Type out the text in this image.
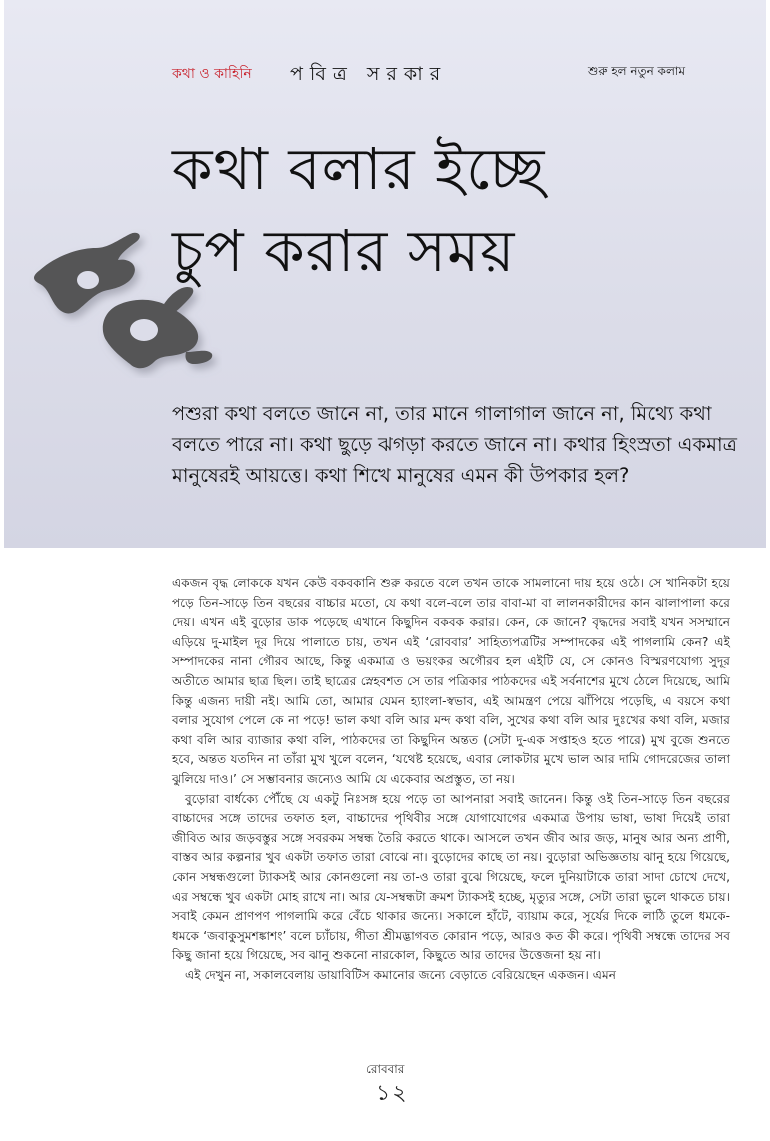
কথা ও কাহিনি পবিত্র সরকার	শুরু হল নতুন কলাম
কথা বলার ইচ্ছে
চুপ করার সময়

পশুরা কথা বলতে জানে না, তার মানে গালাগাল জানে না, মিথ্যে কথা বলতে পারে না। কথা ছুড়ে ঝগড়া করতে জানে না। কথার হিংস্রতা একমাত্র মানুষেরই আয়ত্তে। কথা শিখে মানুষের এমন কী উপকার হল?

একজন বৃদ্ধ লোককে যখন কেউ বকবকানি শুরু করতে বলে তখন তাকে সামলানো দায় হয়ে ওঠে। সে খানিকটা হয়ে পড়ে তিন-সাড়ে তিন বছরের বাচ্চার মতো, যে কথা বলে-বলে তার বাবা-মা বা লালনকারীদের কান ঝালাপালা করে দেয়। এখন এই বুড়োর ডাক পড়েছে এখানে কিছুদিন বকবক করার। কেন, কে জানে? বৃদ্ধদের সবাই যখন সসম্মানে এড়িয়ে দু-মাইল দূর দিয়ে পালাতে চায়, তখন এই ‘রোববার’ সাহিত্যপত্রটির সম্পাদকের এই পাগলামি কেন? এই সম্পাদকের নানা গৌরব আছে, কিন্তু একমাত্র ও ভয়ংকর অগৌরব হল এইটি যে, সে কোনও বিস্মরণযোগ্য সুদূর অতীতে আমার ছাত্র ছিল। তাই ছাত্রের স্নেহবশত সে তার পত্রিকার পাঠকদের এই সর্বনাশের মুখে ঠেলে দিয়েছে, আমি কিন্তু এজন্য দায়ী নই। আমি তো, আমার যেমন হ্যাংলা-স্বভাব, এই আমন্ত্রণ পেয়ে ঝাঁপিয়ে পড়েছি, এ বয়সে কথা বলার সুযোগ পেলে কে না পড়ে! ভাল কথা বলি আর মন্দ কথা বলি, সুখের কথা বলি আর দুঃখের কথা বলি, মজার কথা বলি আর ব্যাজার কথা বলি, পাঠকদের তা কিছুদিন অন্তত (সেটা দু-এক সপ্তাহও হতে পারে) মুখ বুজে শুনতে হবে, অন্তত যতদিন না তাঁরা মুখ খুলে বলেন, ‘যথেষ্ট হয়েছে, এবার লোকটার মুখে ভাল আর দামি গোদরেজের তালা ঝুলিয়ে দাও।’ সে সম্ভাবনার জন্যেও আমি যে একেবার অপ্রস্তুত, তা নয়।

বুড়োরা বার্ধক্যে পৌঁছে যে একটু নিঃসঙ্গ হয়ে পড়ে তা আপনারা সবাই জানেন। কিন্তু ওই তিন-সাড়ে তিন বছরের বাচ্চাদের সঙ্গে তাদের তফাত হল, বাচ্চাদের পৃথিবীর সঙ্গে যোগাযোগের একমাত্র উপায় ভাষা, ভাষা দিয়েই তারা জীবিত আর জড়বস্তুর সঙ্গে সবরকম সম্বন্ধ তৈরি করতে থাকে। আসলে তখন জীব আর জড়, মানুষ আর অন্য প্রাণী, বাস্তব আর কল্পনার খুব একটা তফাত তারা বোঝে না। বুড়োদের কাছে তা নয়। বুড়োরা অভিজ্ঞতায় ঝানু হয়ে গিয়েছে, কোন সম্বন্ধগুলো ট্যাকসই আর কোনগুলো নয় তা-ও তারা বুঝে গিয়েছে, ফলে দুনিয়াটাকে তারা সাদা চোখে দেখে, এর সম্বন্ধে খুব একটা মোহ রাখে না। আর যে-সম্বন্ধটা ক্রমশ ট্যাকসই হচ্ছে, মৃত্যুর সঙ্গে, সেটা তারা ভুলে থাকতে চায়। সবাই কেমন প্রাণপণ পাগলামি করে বেঁচে থাকার জন্যে। সকালে হাঁটে, ব্যায়াম করে, সূর্যের দিকে লাঠি তুলে ধমকে-ধমকে ‘জবাকুসুমশঙ্কাশং’ বলে চ্যাঁচায়, গীতা শ্রীমদ্ভাগবত কোরান পড়ে, আরও কত কী করে। পৃথিবী সম্বন্ধে তাদের সব কিছু জানা হয়ে গিয়েছে, সব ঝানু শুকনো নারকোল, কিছুতে আর তাদের উত্তেজনা হয় না।

এই দেখুন না, সকালবেলায় ডায়াবিটিস কমানোর জন্যে বেড়াতে বেরিয়েছেন একজন। এমন

রোববার
১২
